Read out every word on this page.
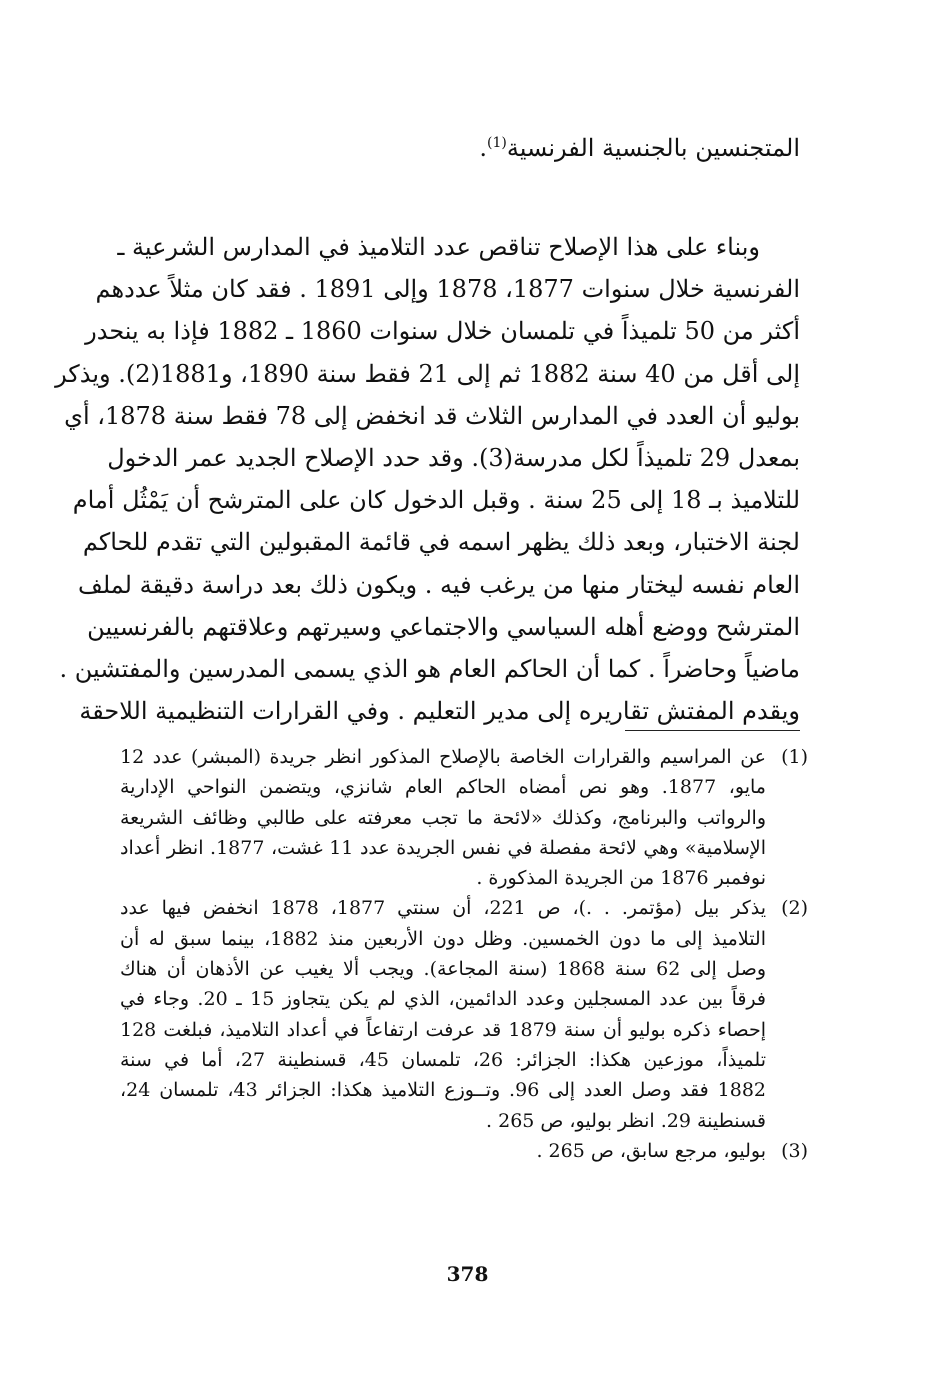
المتجنسين بالجنسية الفرنسية$^{(1)}$.
وبناء على هذا الإصلاح تناقص عدد التلاميذ في المدارس الشرعية ـ
الفرنسية خلال سنوات 1877، 1878 وإلى 1891 . فقد كان مثلاً عددهم
أكثر من 50 تلميذاً في تلمسان خلال سنوات 1860 ـ 1882 فإذا به ينحدر
إلى أقل من 40 سنة 1882 ثم إلى 21 فقط سنة 1890، و1881(2). ويذكر
بوليو أن العدد في المدارس الثلاث قد انخفض إلى 78 فقط سنة 1878، أي
بمعدل 29 تلميذاً لكل مدرسة(3). وقد حدد الإصلاح الجديد عمر الدخول
للتلاميذ بـ 18 إلى 25 سنة . وقبل الدخول كان على المترشح أن يَمْثُل أمام
لجنة الاختبار، وبعد ذلك يظهر اسمه في قائمة المقبولين التي تقدم للحاكم
العام نفسه ليختار منها من يرغب فيه . ويكون ذلك بعد دراسة دقيقة لملف
المترشح ووضع أهله السياسي والاجتماعي وسيرتهم وعلاقتهم بالفرنسيين
ماضياً وحاضراً . كما أن الحاكم العام هو الذي يسمى المدرسين والمفتشين .
ويقدم المفتش تقاريره إلى مدير التعليم . وفي القرارات التنظيمية اللاحقة
(1)
عن المراسيم والقرارات الخاصة بالإصلاح المذكور انظر جريدة (المبشر) عدد 12
مايو، 1877. وهو نص أمضاه الحاكم العام شانزي، ويتضمن النواحي الإدارية
والرواتب والبرنامج، وكذلك «لائحة ما تجب معرفته على طالبي وظائف الشريعة
الإسلامية» وهي لائحة مفصلة في نفس الجريدة عدد 11 غشت، 1877. انظر أعداد
نوفمبر 1876 من الجريدة المذكورة .
(2)
يذكر بيل (مؤتمر. . .)، ص 221، أن سنتي 1877، 1878 انخفض فيها عدد
التلاميذ إلى ما دون الخمسين. وظل دون الأربعين منذ 1882، بينما سبق له أن
وصل إلى 62 سنة 1868 (سنة المجاعة). ويجب ألا يغيب عن الأذهان أن هناك
فرقاً بين عدد المسجلين وعدد الدائمين، الذي لم يكن يتجاوز 15 ـ 20. وجاء في
إحصاء ذكره بوليو أن سنة 1879 قد عرفت ارتفاعاً في أعداد التلاميذ، فبلغت 128
تلميذاً، موزعين هكذا: الجزائر: 26، تلمسان 45، قسنطينة 27، أما في سنة
1882 فقد وصل العدد إلى 96. وتــوزع التلاميذ هكذا: الجزائر 43، تلمسان 24،
قسنطينة 29. انظر بوليو، ص 265 .
(3)
بوليو، مرجع سابق، ص 265 .
378
